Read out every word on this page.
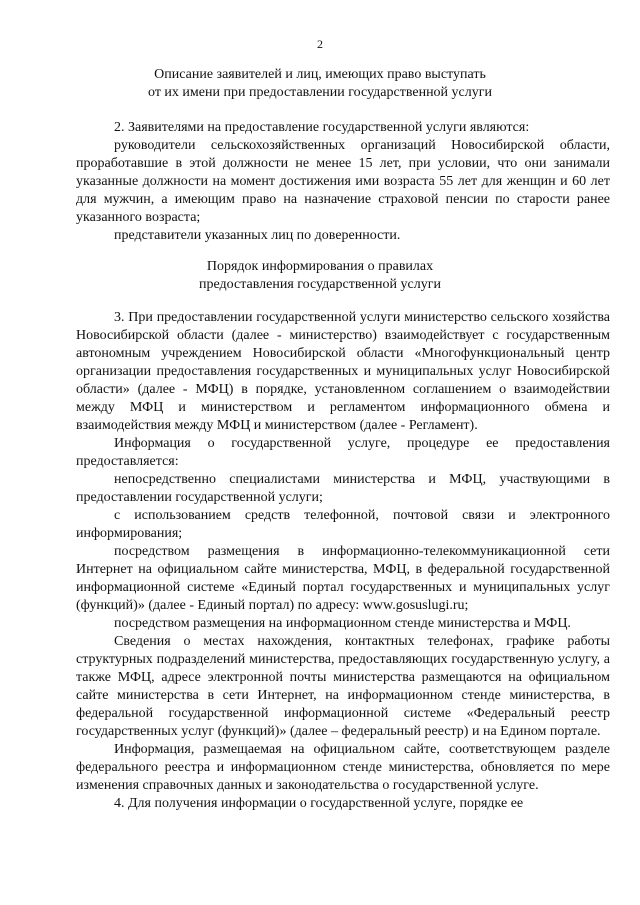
2
Описание заявителей и лиц, имеющих право выступать
от их имени при предоставлении государственной услуги

2. Заявителями на предоставление государственной услуги являются:

руководители сельскохозяйственных организаций Новосибирской области, проработавшие в этой должности не менее 15 лет, при условии, что они занимали указанные должности на момент достижения ими возраста 55 лет для женщин и 60 лет для мужчин, а имеющим право на назначение страховой пенсии по старости ранее указанного возраста;

представители указанных лиц по доверенности.

Порядок информирования о правилах
предоставления государственной услуги

3. При предоставлении государственной услуги министерство сельского хозяйства Новосибирской области (далее - министерство) взаимодействует с государственным автономным учреждением Новосибирской области «Многофункциональный центр организации предоставления государственных и муниципальных услуг Новосибирской области» (далее - МФЦ) в порядке, установленном соглашением о взаимодействии между МФЦ и министерством и регламентом информационного обмена и взаимодействия между МФЦ и министерством (далее - Регламент).

Информация о государственной услуге, процедуре ее предоставления предоставляется:

непосредственно специалистами министерства и МФЦ, участвующими в предоставлении государственной услуги;

с использованием средств телефонной, почтовой связи и электронного информирования;

посредством размещения в информационно-телекоммуникационной сети Интернет на официальном сайте министерства, МФЦ, в федеральной государственной информационной системе «Единый портал государственных и муниципальных услуг (функций)» (далее - Единый портал) по адресу: www.gosuslugi.ru;

посредством размещения на информационном стенде министерства и МФЦ.

Сведения о местах нахождения, контактных телефонах, графике работы структурных подразделений министерства, предоставляющих государственную услугу, а также МФЦ, адресе электронной почты министерства размещаются на официальном сайте министерства в сети Интернет, на информационном стенде министерства, в федеральной государственной информационной системе «Федеральный реестр государственных услуг (функций)» (далее – федеральный реестр) и на Едином портале.

Информация, размещаемая на официальном сайте, соответствующем разделе федерального реестра и информационном стенде министерства, обновляется по мере изменения справочных данных и законодательства о государственной услуге.

4. Для получения информации о государственной услуге, порядке ее
